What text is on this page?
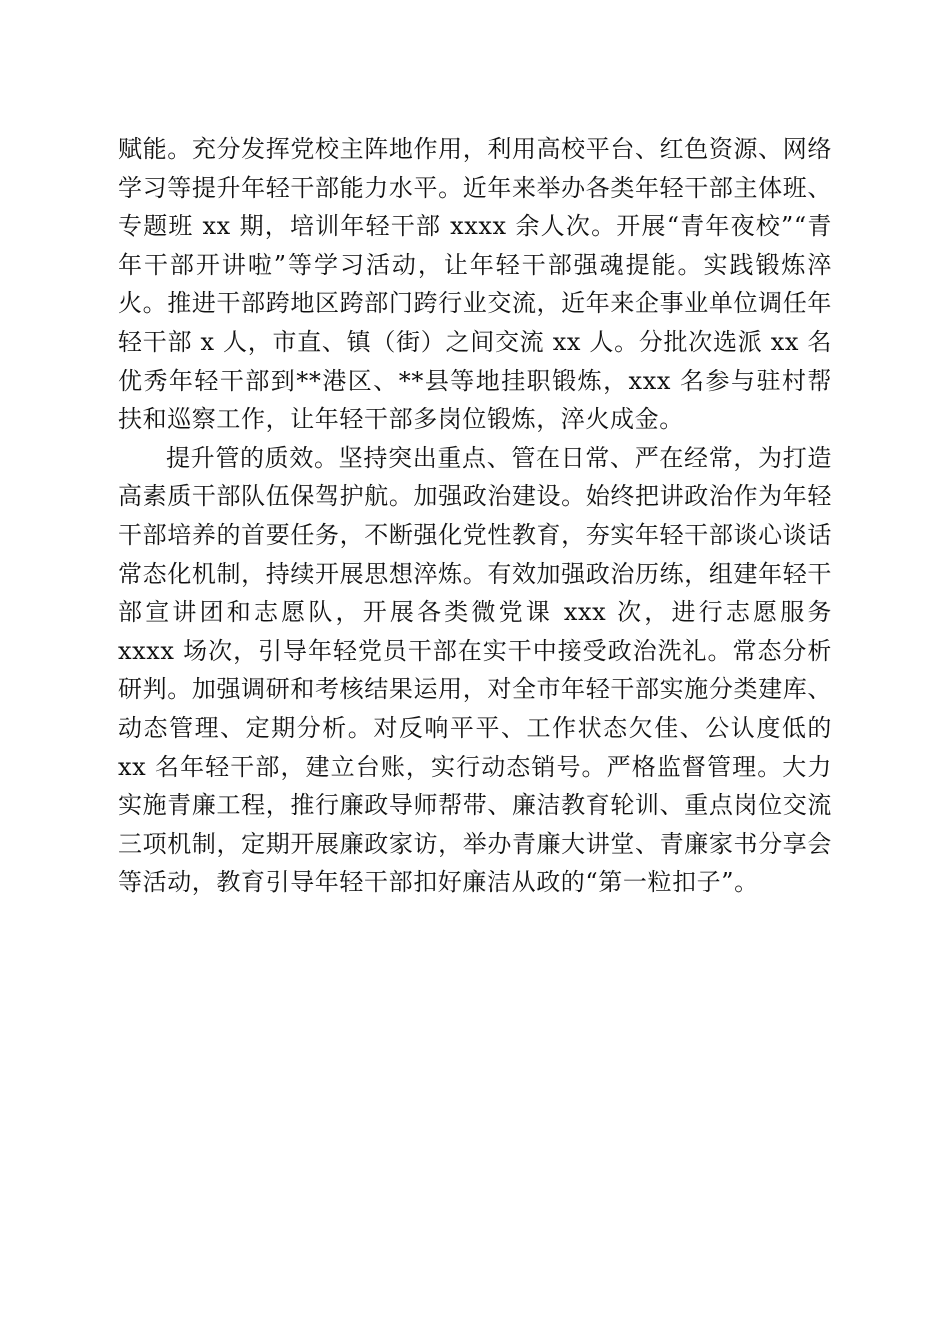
赋能。充分发挥党校主阵地作用，利用高校平台、红色资源、网络学习等提升年轻干部能力水平。近年来举办各类年轻干部主体班、专题班 xx 期，培训年轻干部 xxxx 余人次。开展“青年夜校”“青年干部开讲啦”等学习活动，让年轻干部强魂提能。实践锻炼淬火。推进干部跨地区跨部门跨行业交流，近年来企事业单位调任年轻干部 x 人，市直、镇（街）之间交流 xx 人。分批次选派 xx 名优秀年轻干部到**港区、**县等地挂职锻炼，xxx 名参与驻村帮扶和巡察工作，让年轻干部多岗位锻炼，淬火成金。

提升管的质效。坚持突出重点、管在日常、严在经常，为打造高素质干部队伍保驾护航。加强政治建设。始终把讲政治作为年轻干部培养的首要任务，不断强化党性教育，夯实年轻干部谈心谈话常态化机制，持续开展思想淬炼。有效加强政治历练，组建年轻干部宣讲团和志愿队，开展各类微党课 xxx 次，进行志愿服务 xxxx 场次，引导年轻党员干部在实干中接受政治洗礼。常态分析研判。加强调研和考核结果运用，对全市年轻干部实施分类建库、动态管理、定期分析。对反响平平、工作状态欠佳、公认度低的 xx 名年轻干部，建立台账，实行动态销号。严格监督管理。大力实施青廉工程，推行廉政导师帮带、廉洁教育轮训、重点岗位交流三项机制，定期开展廉政家访，举办青廉大讲堂、青廉家书分享会等活动，教育引导年轻干部扣好廉洁从政的“第一粒扣子”。
